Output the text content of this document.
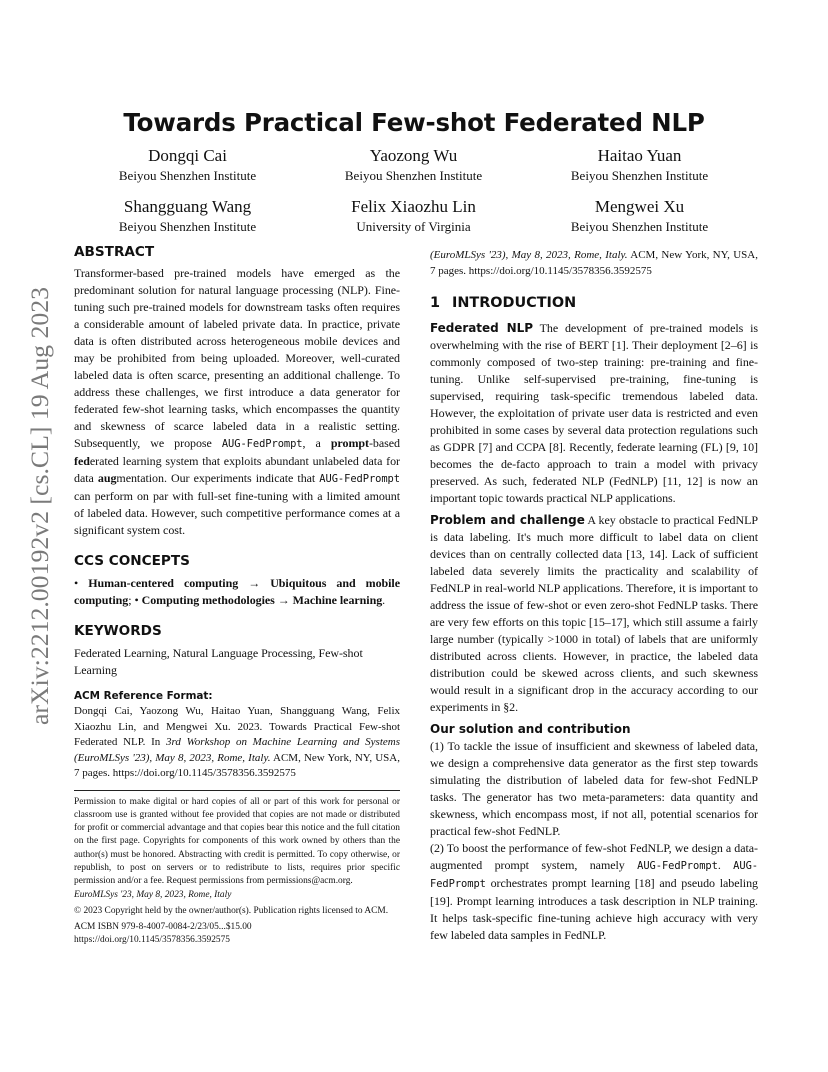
arXiv:2212.00192v2 [cs.CL] 19 Aug 2023
Towards Practical Few-shot Federated NLP
Dongqi Cai
Beiyou Shenzhen Institute
Yaozong Wu
Beiyou Shenzhen Institute
Haitao Yuan
Beiyou Shenzhen Institute
Shangguang Wang
Beiyou Shenzhen Institute
Felix Xiaozhu Lin
University of Virginia
Mengwei Xu
Beiyou Shenzhen Institute
ABSTRACT

Transformer-based pre-trained models have emerged as the predominant solution for natural language processing (NLP). Fine-tuning such pre-trained models for downstream tasks often requires a considerable amount of labeled private data. In practice, private data is often distributed across heterogeneous mobile devices and may be prohibited from being uploaded. Moreover, well-curated labeled data is often scarce, presenting an additional challenge. To address these challenges, we first introduce a data generator for federated few-shot learning tasks, which encompasses the quantity and skewness of scarce labeled data in a realistic setting. Subsequently, we propose AUG-FedPrompt, a prompt-based federated learning system that exploits abundant unlabeled data for data augmentation. Our experiments indicate that AUG-FedPrompt can perform on par with full-set fine-tuning with a limited amount of labeled data. However, such competitive performance comes at a significant system cost.

CCS CONCEPTS

• Human-centered computing → Ubiquitous and mobile computing; • Computing methodologies → Machine learning.

KEYWORDS

Federated Learning, Natural Language Processing, Few-shot Learning

ACM Reference Format:

Dongqi Cai, Yaozong Wu, Haitao Yuan, Shangguang Wang, Felix Xiaozhu Lin, and Mengwei Xu. 2023. Towards Practical Few-shot Federated NLP. In 3rd Workshop on Machine Learning and Systems (EuroMLSys '23), May 8, 2023, Rome, Italy. ACM, New York, NY, USA, 7 pages. https://doi.org/10.1145/3578356.3592575

Permission to make digital or hard copies of all or part of this work for personal or classroom use is granted without fee provided that copies are not made or distributed for profit or commercial advantage and that copies bear this notice and the full citation on the first page. Copyrights for components of this work owned by others than the author(s) must be honored. Abstracting with credit is permitted. To copy otherwise, or republish, to post on servers or to redistribute to lists, requires prior specific permission and/or a fee. Request permissions from permissions@acm.org.

EuroMLSys '23, May 8, 2023, Rome, Italy

© 2023 Copyright held by the owner/author(s). Publication rights licensed to ACM.

ACM ISBN 979-8-4007-0084-2/23/05...$15.00

https://doi.org/10.1145/3578356.3592575

(EuroMLSys '23), May 8, 2023, Rome, Italy. ACM, New York, NY, USA, 7 pages. https://doi.org/10.1145/3578356.3592575

1 INTRODUCTION

Federated NLP The development of pre-trained models is overwhelming with the rise of BERT [1]. Their deployment [2–6] is commonly composed of two-step training: pre-training and fine-tuning. Unlike self-supervised pre-training, fine-tuning is supervised, requiring task-specific tremendous labeled data. However, the exploitation of private user data is restricted and even prohibited in some cases by several data protection regulations such as GDPR [7] and CCPA [8]. Recently, federate learning (FL) [9, 10] becomes the de-facto approach to train a model with privacy preserved. As such, federated NLP (FedNLP) [11, 12] is now an important topic towards practical NLP applications.

Problem and challenge A key obstacle to practical FedNLP is data labeling. It's much more difficult to label data on client devices than on centrally collected data [13, 14]. Lack of sufficient labeled data severely limits the practicality and scalability of FedNLP in real-world NLP applications. Therefore, it is important to address the issue of few-shot or even zero-shot FedNLP tasks. There are very few efforts on this topic [15–17], which still assume a fairly large number (typically >1000 in total) of labels that are uniformly distributed across clients. However, in practice, the labeled data distribution could be skewed across clients, and such skewness would result in a significant drop in the accuracy according to our experiments in §2.

Our solution and contribution

(1) To tackle the issue of insufficient and skewness of labeled data, we design a comprehensive data generator as the first step towards simulating the distribution of labeled data for few-shot FedNLP tasks. The generator has two meta-parameters: data quantity and skewness, which encompass most, if not all, potential scenarios for practical few-shot FedNLP.

(2) To boost the performance of few-shot FedNLP, we design a data-augmented prompt system, namely AUG-FedPrompt. AUG-FedPrompt orchestrates prompt learning [18] and pseudo labeling [19]. Prompt learning introduces a task description in NLP training. It helps task-specific fine-tuning achieve high accuracy with very few labeled data samples in FedNLP.
